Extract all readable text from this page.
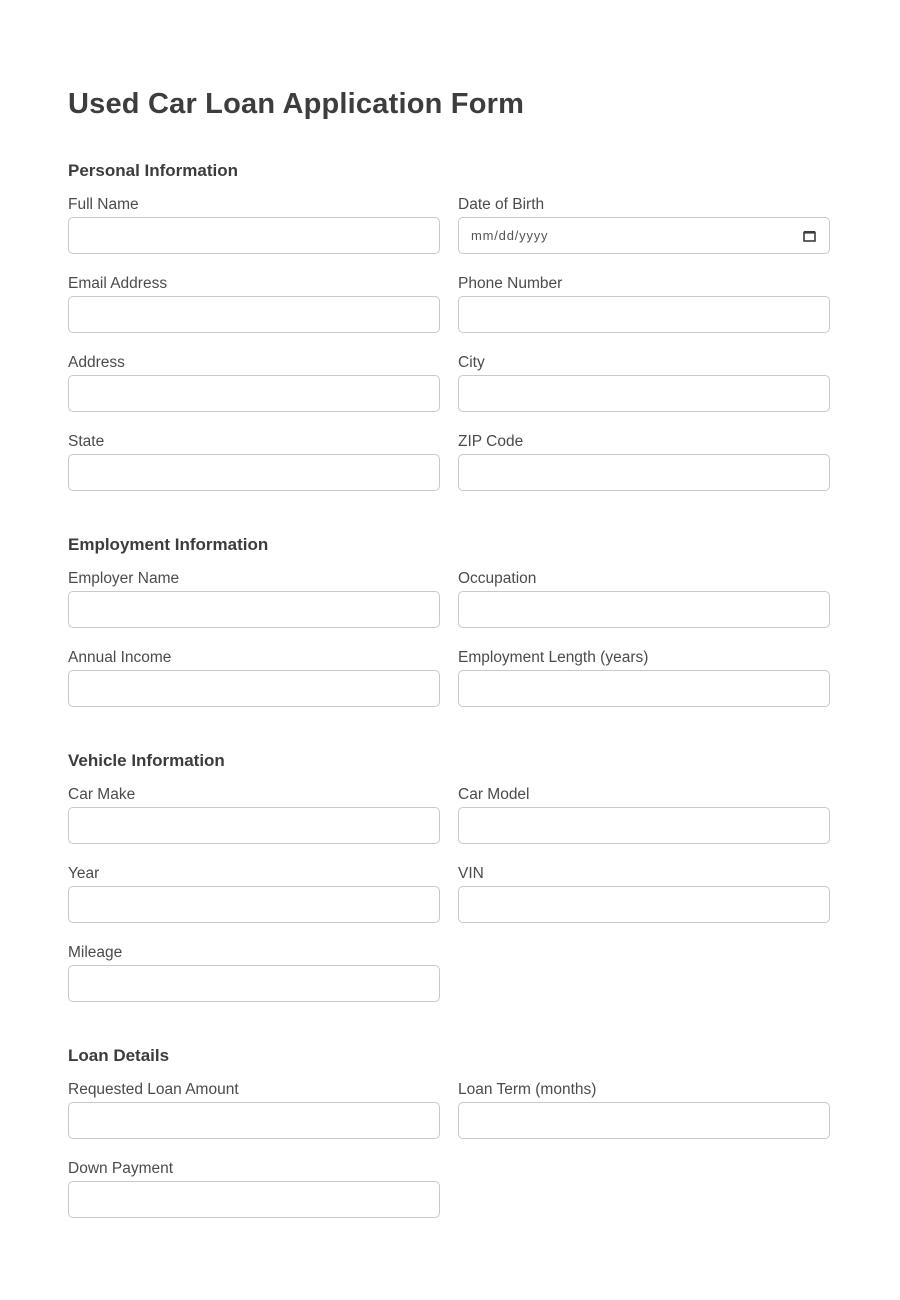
Used Car Loan Application Form
Personal Information
Full Name	Date of Birth
mm/dd/yyyy
Email Address	Phone Number
Address	City
State	ZIP Code
Employment Information
Employer Name	Occupation
Annual Income	Employment Length (years)
Vehicle Information
Car Make	Car Model
Year	VIN
Mileage
Loan Details
Requested Loan Amount	Loan Term (months)
Down Payment
